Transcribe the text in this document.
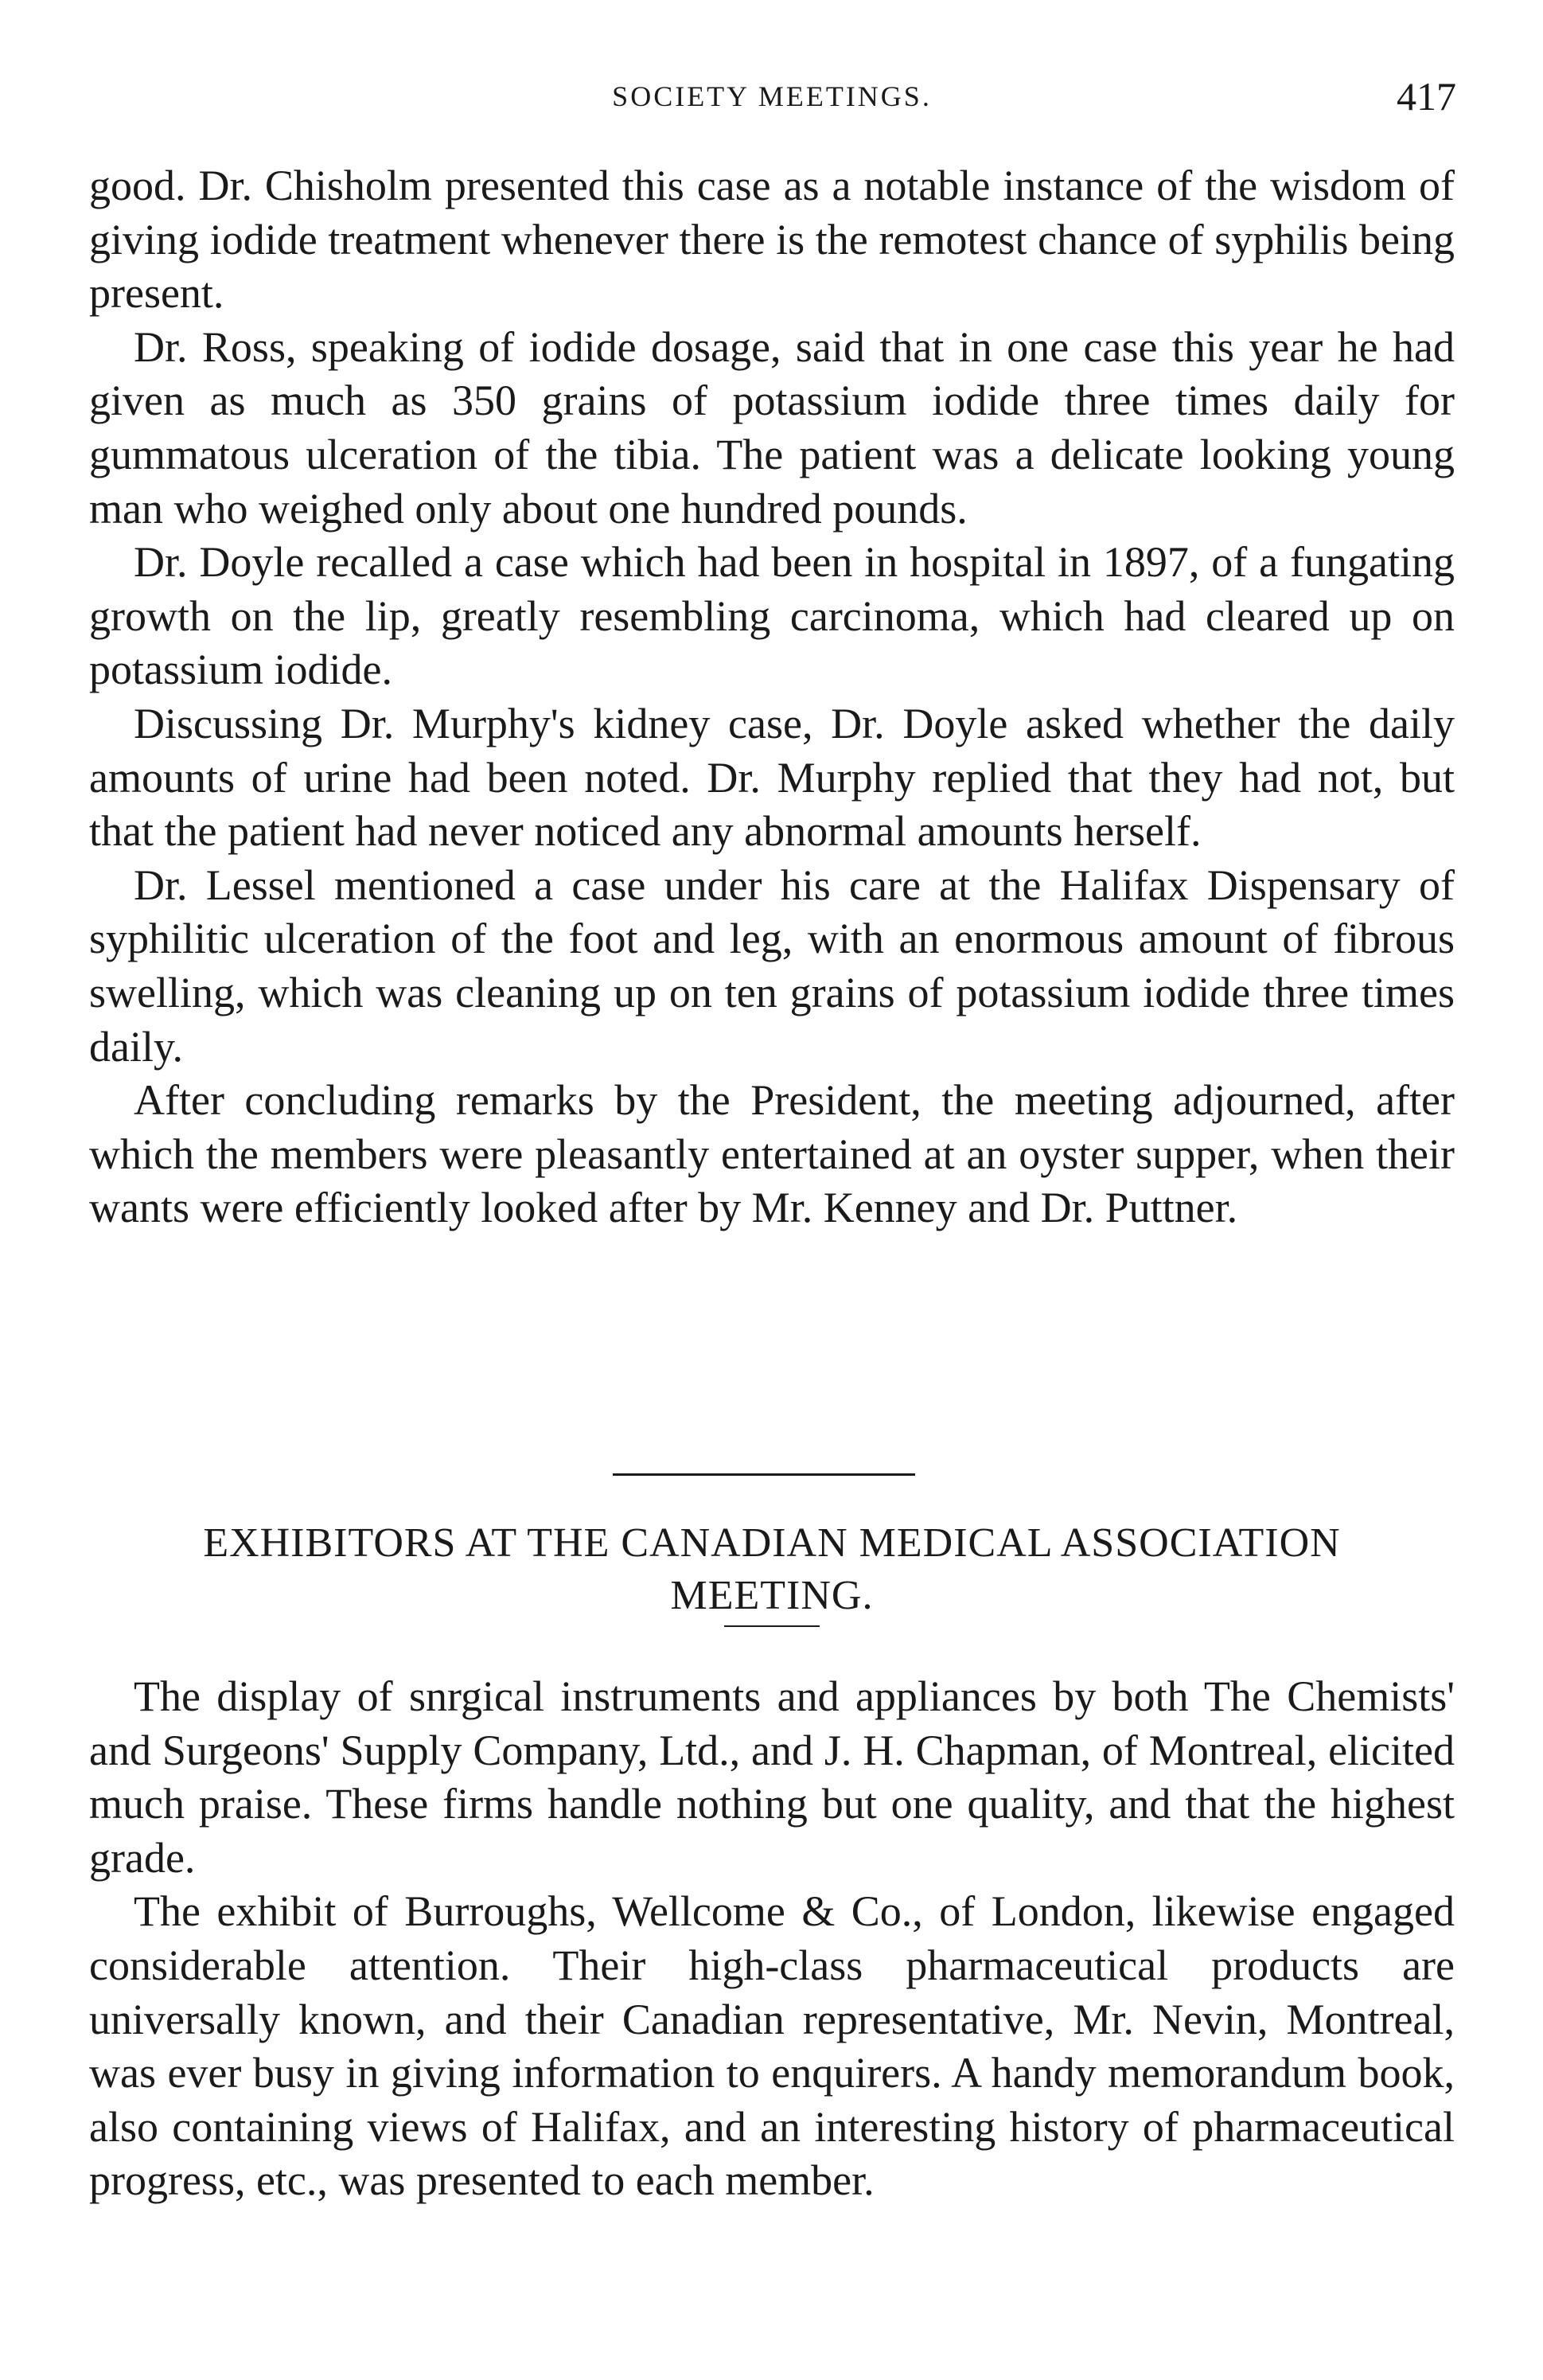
SOCIETY MEETINGS.	417

good. Dr. Chisholm presented this case as a notable instance of the wisdom of giving iodide treatment whenever there is the remotest chance of syphilis being present.

Dr. Ross, speaking of iodide dosage, said that in one case this year he had given as much as 350 grains of potassium iodide three times daily for gummatous ulceration of the tibia. The patient was a delicate looking young man who weighed only about one hundred pounds.

Dr. Doyle recalled a case which had been in hospital in 1897, of a fungating growth on the lip, greatly resembling carcinoma, which had cleared up on potassium iodide.

Discussing Dr. Murphy's kidney case, Dr. Doyle asked whether the daily amounts of urine had been noted. Dr. Murphy replied that they had not, but that the patient had never noticed any abnormal amounts herself.

Dr. Lessel mentioned a case under his care at the Halifax Dispensary of syphilitic ulceration of the foot and leg, with an enormous amount of fibrous swelling, which was cleaning up on ten grains of potassium iodide three times daily.

After concluding remarks by the President, the meeting adjourned, after which the members were pleasantly entertained at an oyster supper, when their wants were efficiently looked after by Mr. Kenney and Dr. Puttner.

EXHIBITORS AT THE CANADIAN MEDICAL ASSOCIATION
MEETING.

The display of snrgical instruments and appliances by both The Chemists' and Surgeons' Supply Company, Ltd., and J. H. Chapman, of Montreal, elicited much praise. These firms handle nothing but one quality, and that the highest grade.

The exhibit of Burroughs, Wellcome & Co., of London, likewise engaged considerable attention. Their high-class pharmaceutical products are universally known, and their Canadian representative, Mr. Nevin, Montreal, was ever busy in giving information to enquirers. A handy memorandum book, also containing views of Halifax, and an interesting history of pharmaceutical progress, etc., was presented to each member.
